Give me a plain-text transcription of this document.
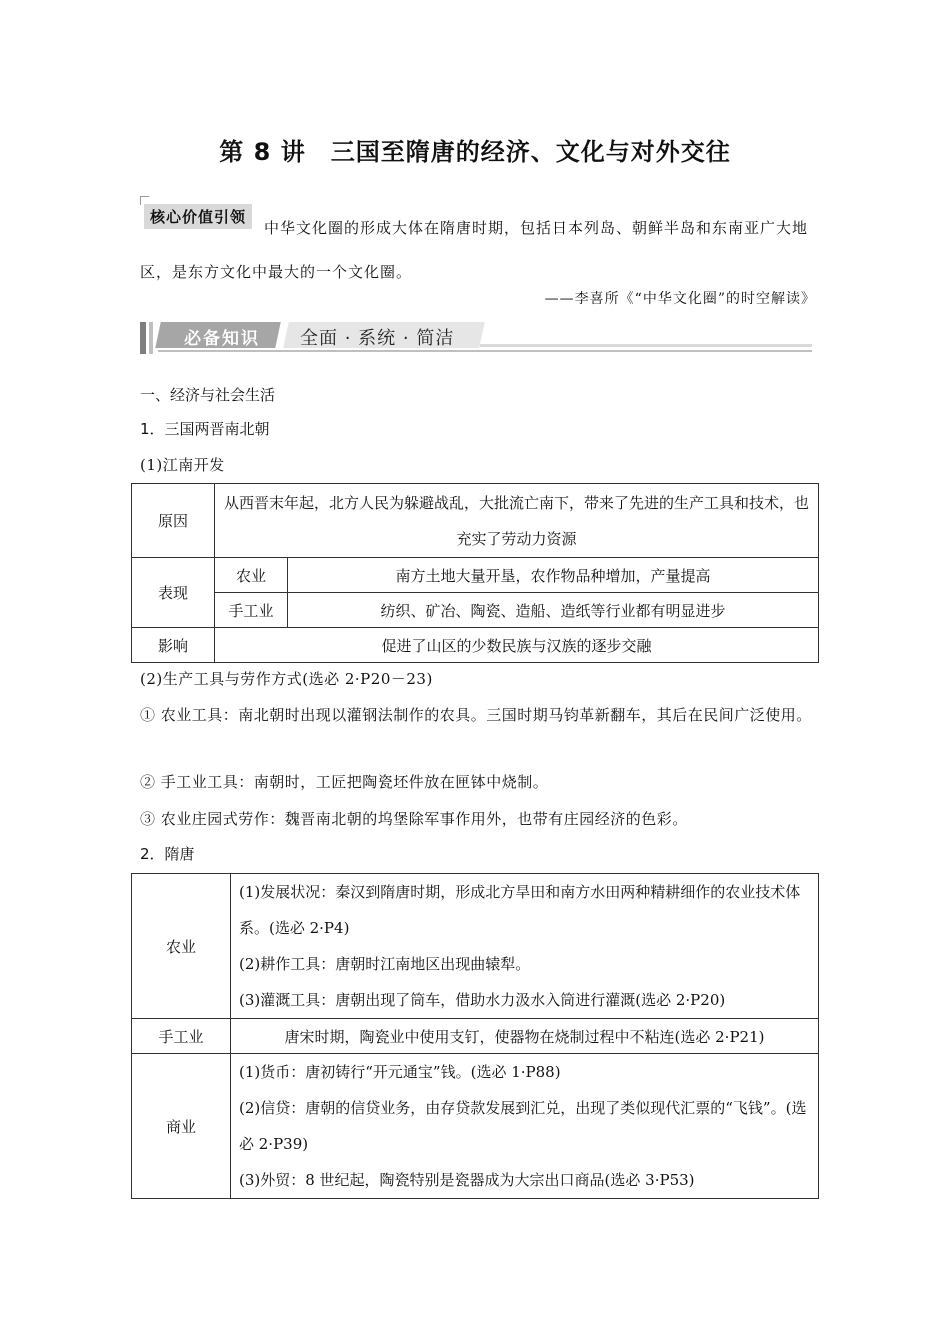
第 8 讲　三国至隋唐的经济、文化与对外交往
中华文化圈的形成大体在隋唐时期，包括日本列岛、朝鲜半岛和东南亚广大地区，是东方文化中最大的一个文化圈。
核心价值引领
——李喜所《“中华文化圈”的时空解读》
必备知识 全面 · 系统 · 简洁
一、经济与社会生活
1．三国两晋南北朝
(1)江南开发
原因	从西晋末年起，北方人民为躲避战乱，大批流亡南下，带来了先进的生产工具和技术，也充实了劳动力资源	
表现	农业	南方土地大量开垦，农作物品种增加，产量提高
	手工业	纺织、矿冶、陶瓷、造船、造纸等行业都有明显进步
影响	促进了山区的少数民族与汉族的逐步交融	
(2)生产工具与劳作方式(选必 2·P20－23)
① 农业工具：南北朝时出现以灌钢法制作的农具。三国时期马钧革新翻车，其后在民间广泛使用。
② 手工业工具：南朝时，工匠把陶瓷坯件放在匣钵中烧制。
③ 农业庄园式劳作：魏晋南北朝的坞堡除军事作用外，也带有庄园经济的色彩。
2．隋唐
农业	(1)发展状况：秦汉到隋唐时期，形成北方旱田和南方水田两种精耕细作的农业技术体系。(选必 2·P4)
(2)耕作工具：唐朝时江南地区出现曲辕犁。
(3)灌溉工具：唐朝出现了筒车，借助水力汲水入筒进行灌溉(选必 2·P20)

手工业	唐宋时期，陶瓷业中使用支钉，使器物在烧制过程中不粘连(选必 2·P21)
商业	(1)货币：唐初铸行“开元通宝”钱。(选必 1·P88)
(2)信贷：唐朝的信贷业务，由存贷款发展到汇兑，出现了类似现代汇票的“飞钱”。(选必 2·P39)
(3)外贸：8 世纪起，陶瓷特别是瓷器成为大宗出口商品(选必 3·P53)
